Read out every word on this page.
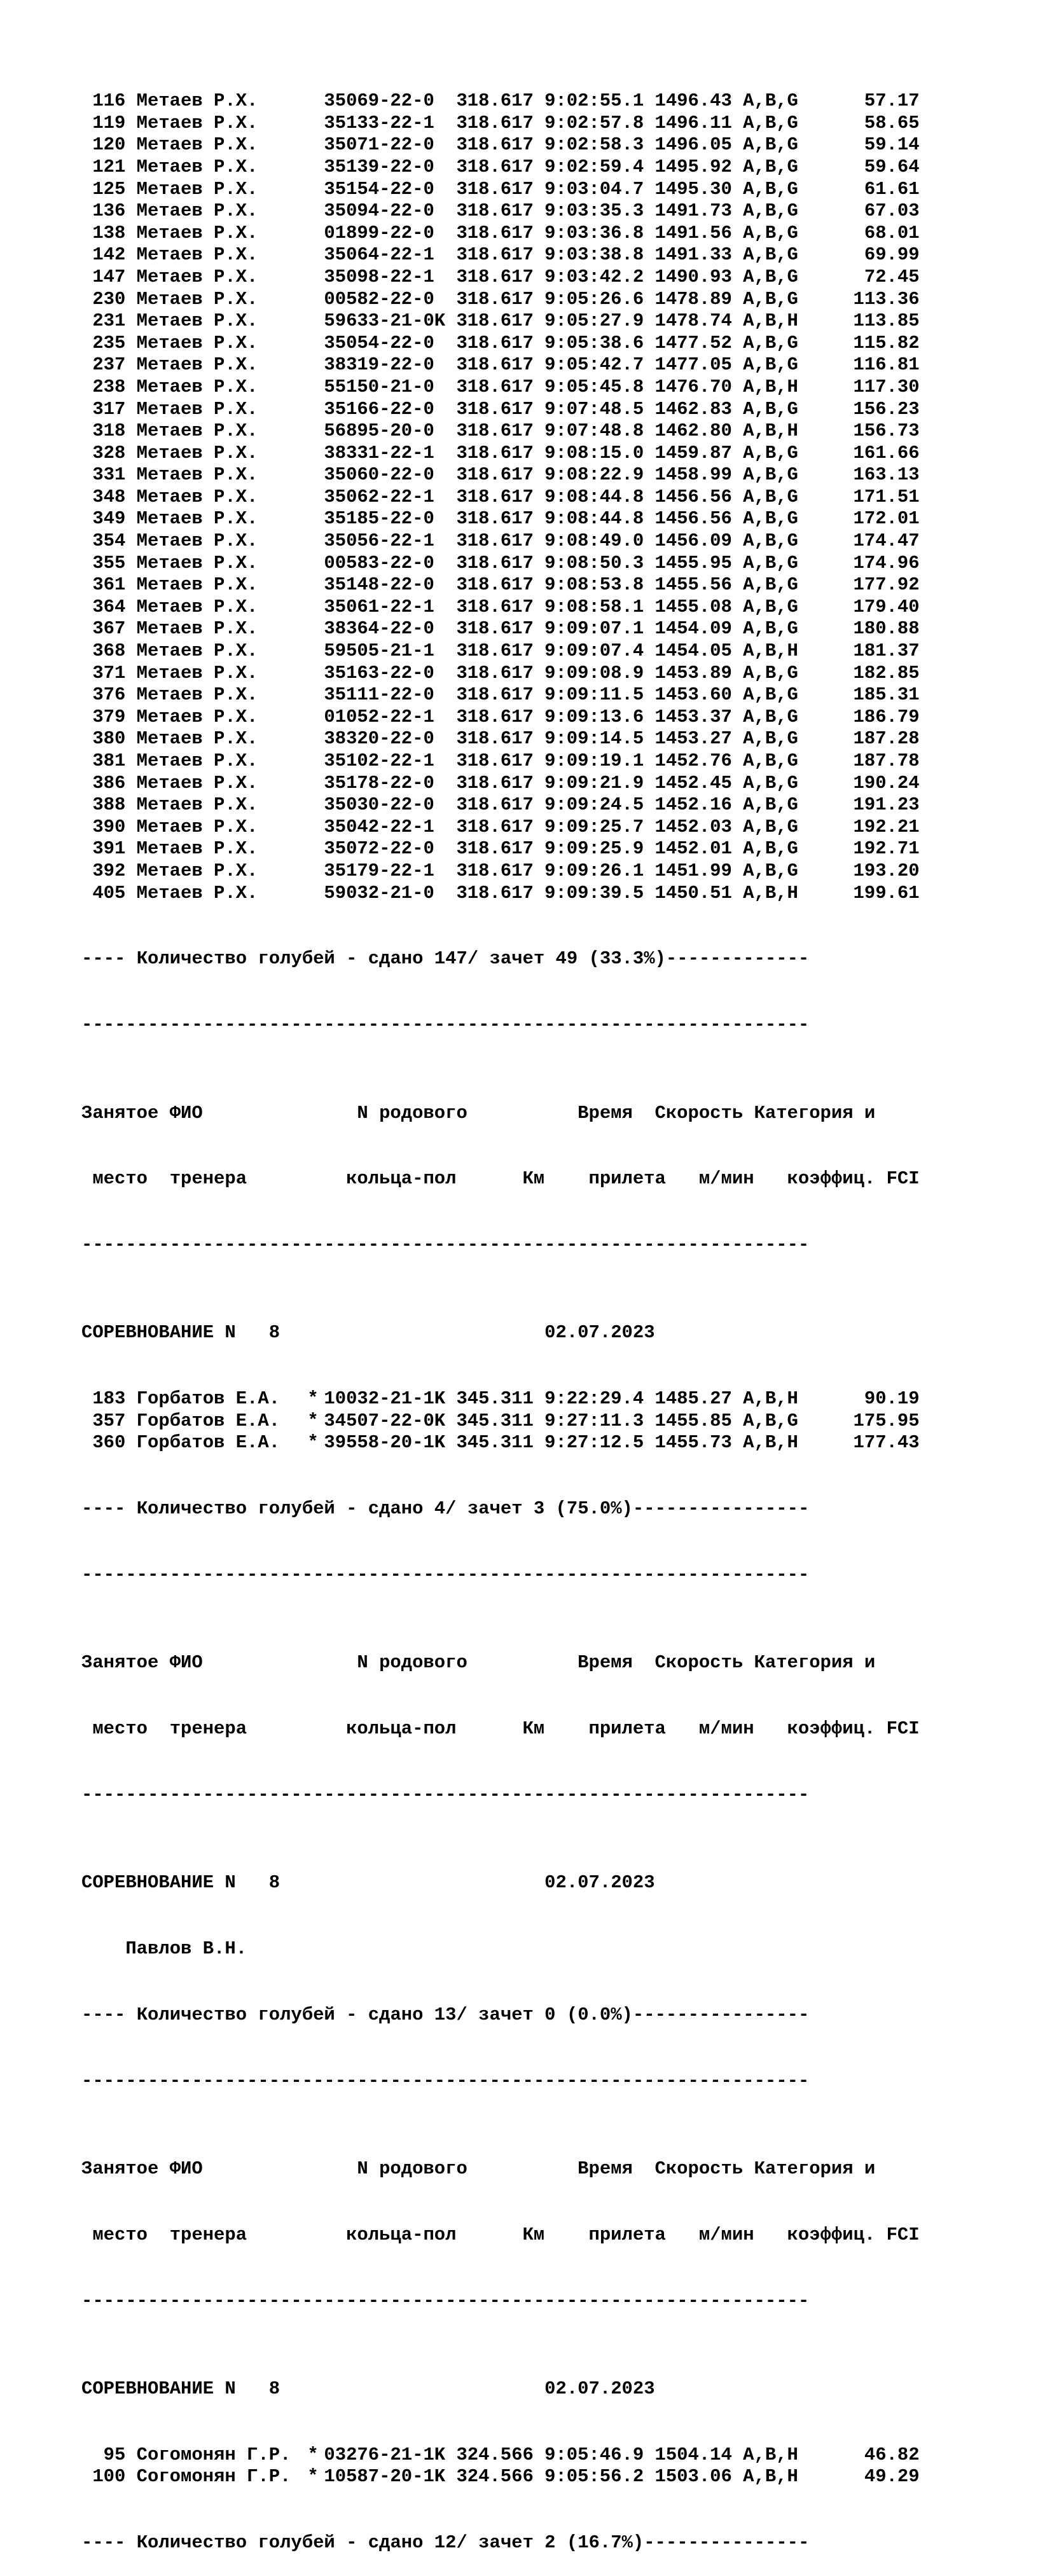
116 Метаев Р.Х.	35069-22-0 318.617 9:02:55.1 1496.43 A,B,G	57.17
119 Метаев Р.Х.	35133-22-1 318.617 9:02:57.8 1496.11 A,B,G	58.65
120 Метаев Р.Х.	35071-22-0 318.617 9:02:58.3 1496.05 A,B,G	59.14
121 Метаев Р.Х.	35139-22-0 318.617 9:02:59.4 1495.92 A,B,G	59.64
125 Метаев Р.Х.	35154-22-0 318.617 9:03:04.7 1495.30 A,B,G	61.61
136 Метаев Р.Х.	35094-22-0 318.617 9:03:35.3 1491.73 A,B,G	67.03
138 Метаев Р.Х.	01899-22-0 318.617 9:03:36.8 1491.56 A,B,G	68.01
142 Метаев Р.Х.	35064-22-1 318.617 9:03:38.8 1491.33 A,B,G	69.99
147 Метаев Р.Х.	35098-22-1 318.617 9:03:42.2 1490.93 A,B,G	72.45
230 Метаев Р.Х.	00582-22-0 318.617 9:05:26.6 1478.89 A,B,G	113.36
231 Метаев Р.Х.	59633-21-0K 318.617 9:05:27.9 1478.74 A,B,H	113.85
235 Метаев Р.Х.	35054-22-0 318.617 9:05:38.6 1477.52 A,B,G	115.82
237 Метаев Р.Х.	38319-22-0 318.617 9:05:42.7 1477.05 A,B,G	116.81
238 Метаев Р.Х.	55150-21-0 318.617 9:05:45.8 1476.70 A,B,H	117.30
317 Метаев Р.Х.	35166-22-0 318.617 9:07:48.5 1462.83 A,B,G	156.23
318 Метаев Р.Х.	56895-20-0 318.617 9:07:48.8 1462.80 A,B,H	156.73
328 Метаев Р.Х.	38331-22-1 318.617 9:08:15.0 1459.87 A,B,G	161.66
331 Метаев Р.Х.	35060-22-0 318.617 9:08:22.9 1458.99 A,B,G	163.13
348 Метаев Р.Х.	35062-22-1 318.617 9:08:44.8 1456.56 A,B,G	171.51
349 Метаев Р.Х.	35185-22-0 318.617 9:08:44.8 1456.56 A,B,G	172.01
354 Метаев Р.Х.	35056-22-1 318.617 9:08:49.0 1456.09 A,B,G	174.47
355 Метаев Р.Х.	00583-22-0 318.617 9:08:50.3 1455.95 A,B,G	174.96
361 Метаев Р.Х.	35148-22-0 318.617 9:08:53.8 1455.56 A,B,G	177.92
364 Метаев Р.Х.	35061-22-1 318.617 9:08:58.1 1455.08 A,B,G	179.40
367 Метаев Р.Х.	38364-22-0 318.617 9:09:07.1 1454.09 A,B,G	180.88
368 Метаев Р.Х.	59505-21-1 318.617 9:09:07.4 1454.05 A,B,H	181.37
371 Метаев Р.Х.	35163-22-0 318.617 9:09:08.9 1453.89 A,B,G	182.85
376 Метаев Р.Х.	35111-22-0 318.617 9:09:11.5 1453.60 A,B,G	185.31
379 Метаев Р.Х.	01052-22-1 318.617 9:09:13.6 1453.37 A,B,G	186.79
380 Метаев Р.Х.	38320-22-0 318.617 9:09:14.5 1453.27 A,B,G	187.28
381 Метаев Р.Х.	35102-22-1 318.617 9:09:19.1 1452.76 A,B,G	187.78
386 Метаев Р.Х.	35178-22-0 318.617 9:09:21.9 1452.45 A,B,G	190.24
388 Метаев Р.Х.	35030-22-0 318.617 9:09:24.5 1452.16 A,B,G	191.23
390 Метаев Р.Х.	35042-22-1 318.617 9:09:25.7 1452.03 A,B,G	192.21
391 Метаев Р.Х.	35072-22-0 318.617 9:09:25.9 1452.01 A,B,G	192.71
392 Метаев Р.Х.	35179-22-1 318.617 9:09:26.1 1451.99 A,B,G	193.20
405 Метаев Р.Х.	59032-21-0 318.617 9:09:39.5 1450.51 A,B,H	199.61

---- Количество голубей - сдано 147/ зачет 49 (33.3%)-------------

------------------------------------------------------------------

Занятое ФИО	N родового	Время Скорость Категория и

место тренера	кольца-пол	Км прилета м/мин коэффиц. FCI

------------------------------------------------------------------

СОРЕВНОВАНИЕ N 8	02.07.2023

183 Горбатов Е.А. * 10032-21-1K 345.311 9:22:29.4 1485.27 A,B,H	90.19
357 Горбатов Е.А. * 34507-22-0K 345.311 9:27:11.3 1455.85 A,B,G	175.95
360 Горбатов Е.А. * 39558-20-1K 345.311 9:27:12.5 1455.73 A,B,H	177.43

---- Количество голубей - сдано 4/ зачет 3 (75.0%)----------------

------------------------------------------------------------------

Занятое ФИО	N родового	Время Скорость Категория и

место тренера	кольца-пол	Км прилета м/мин коэффиц. FCI

------------------------------------------------------------------

СОРЕВНОВАНИЕ N 8	02.07.2023

Павлов В.Н.

---- Количество голубей - сдано 13/ зачет 0 (0.0%)----------------

------------------------------------------------------------------

Занятое ФИО	N родового	Время Скорость Категория и

место тренера	кольца-пол	Км прилета м/мин коэффиц. FCI

------------------------------------------------------------------

СОРЕВНОВАНИЕ N 8	02.07.2023

95 Согомонян Г.Р. * 03276-21-1K 324.566 9:05:46.9 1504.14 A,B,H	46.82
100 Согомонян Г.Р. * 10587-20-1K 324.566 9:05:56.2 1503.06 A,B,H	49.29

---- Количество голубей - сдано 12/ зачет 2 (16.7%)---------------
